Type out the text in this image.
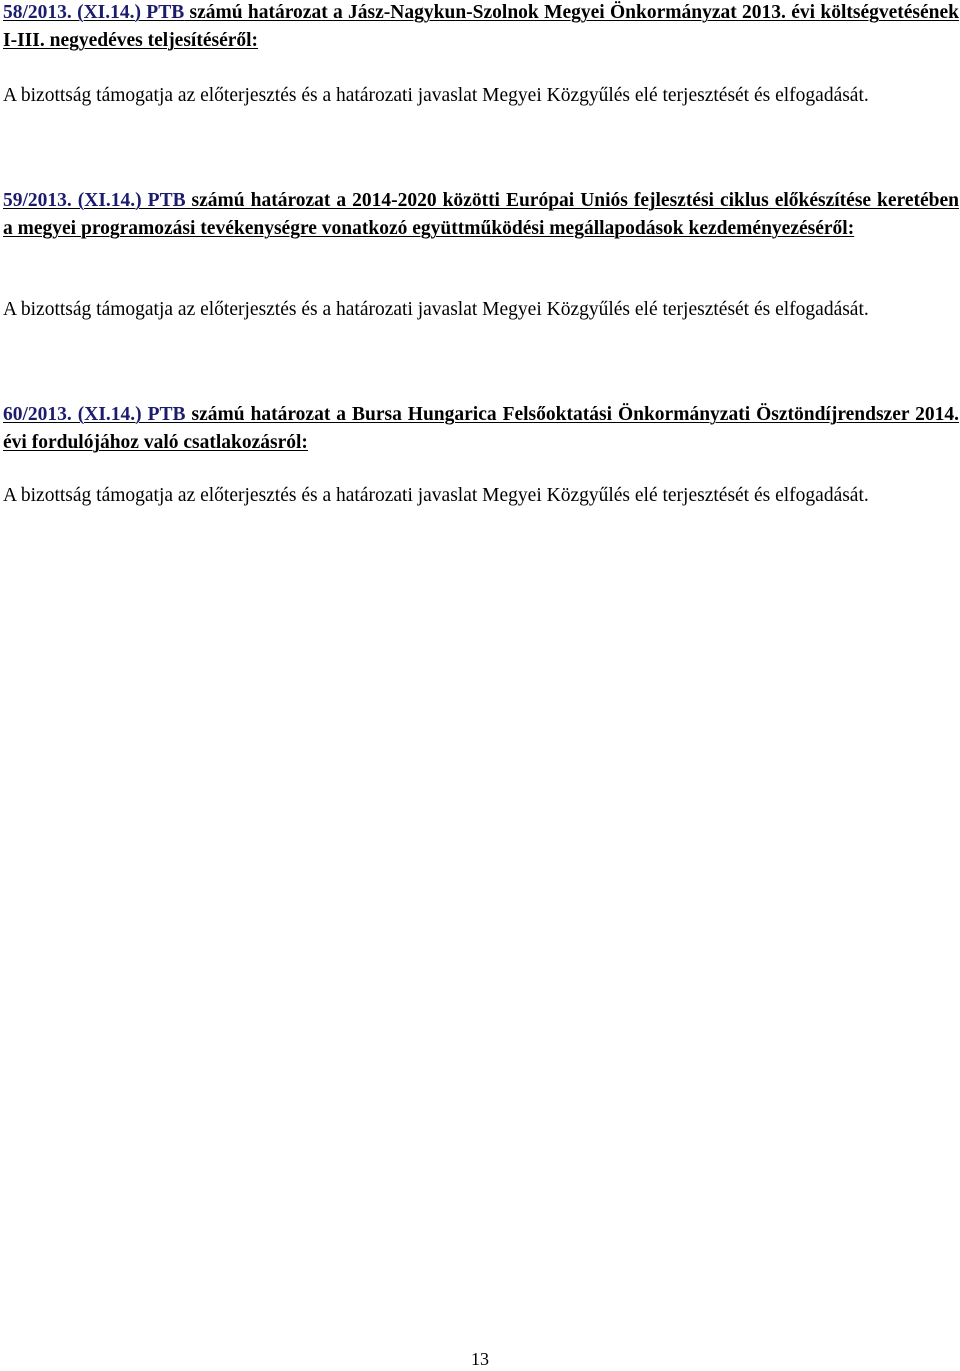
58/2013. (XI.14.) PTB számú határozat a Jász-Nagykun-Szolnok Megyei Önkormányzat 2013. évi költségvetésének I-III. negyedéves teljesítéséről:
A bizottság támogatja az előterjesztés és a határozati javaslat Megyei Közgyűlés elé terjesztését és elfogadását.
59/2013. (XI.14.) PTB számú határozat a 2014-2020 közötti Európai Uniós fejlesztési ciklus előkészítése keretében a megyei programozási tevékenységre vonatkozó együttműködési megállapodások kezdeményezéséről:
A bizottság támogatja az előterjesztés és a határozati javaslat Megyei Közgyűlés elé terjesztését és elfogadását.
60/2013. (XI.14.) PTB számú határozat a Bursa Hungarica Felsőoktatási Önkormányzati Ösztöndíjrendszer 2014. évi fordulójához való csatlakozásról:
A bizottság támogatja az előterjesztés és a határozati javaslat Megyei Közgyűlés elé terjesztését és elfogadását.
13
